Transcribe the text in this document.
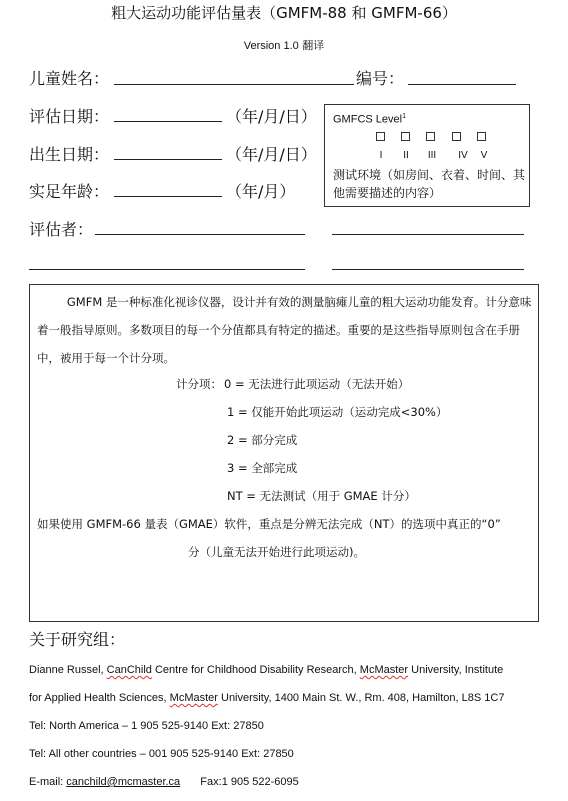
粗大运动功能评估量表（GMFM-88 和 GMFM-66）
Version 1.0 翻译
儿童姓名：	编号：
评估日期：	（年/月/日）
出生日期：	（年/月/日）
实足年龄：	（年/月）
评估者：
GMFCS Level$^1$
I	II	III	IV	V
测试环境（如房间、衣着、时间、其他需要描述的内容）
GMFM 是一种标准化视诊仪器，设计并有效的测量脑瘫儿童的粗大运动功能发育。计分意味着一般指导原则。多数项目的每一个分值都具有特定的描述。重要的是这些指导原则包含在手册中，被用于每一个计分项。
计分项： 0 = 无法进行此项运动（无法开始）
1 = 仅能开始此项运动（运动完成<30%）
2 = 部分完成
3 = 全部完成
NT = 无法测试（用于 GMAE 计分）
如果使用 GMFM-66 量表（GMAE）软件，重点是分辨无法完成（NT）的选项中真正的“0”
分（儿童无法开始进行此项运动)。
关于研究组：
Dianne Russel, CanChild Centre for Childhood Disability Research, McMaster University, Institute
for Applied Health Sciences, McMaster University, 1400 Main St. W., Rm. 408, Hamilton, L8S 1C7
Tel: North America – 1 905 525-9140 Ext: 27850
Tel: All other countries – 001 905 525-9140 Ext: 27850
E-mail: canchild@mcmaster.ca Fax:1 905 522-6095
